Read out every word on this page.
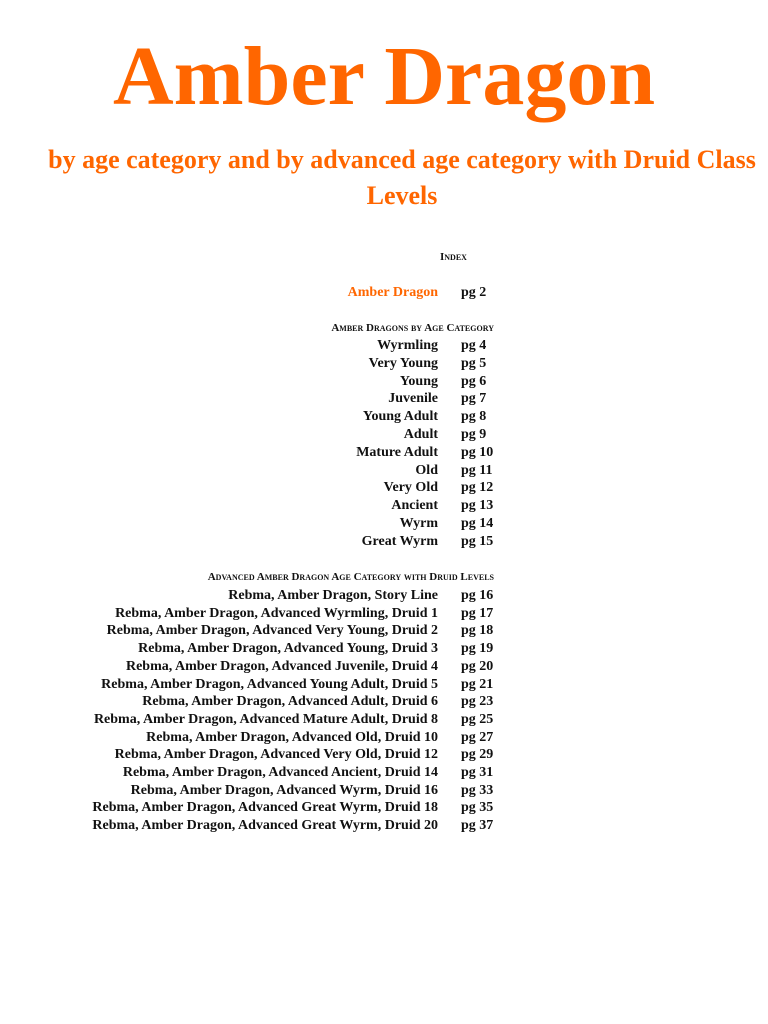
Amber Dragon
by age category and by advanced age category with Druid Class Levels
Index
Amber Dragon pg 2
Amber Dragons by Age Category
Wyrmling pg 4
Very Young pg 5
Young pg 6
Juvenile pg 7
Young Adult pg 8
Adult pg 9
Mature Adult pg 10
Old pg 11
Very Old pg 12
Ancient pg 13
Wyrm pg 14
Great Wyrm pg 15
Advanced Amber Dragon Age Category with Druid Levels
Rebma, Amber Dragon, Story Line pg 16
Rebma, Amber Dragon, Advanced Wyrmling, Druid 1 pg 17
Rebma, Amber Dragon, Advanced Very Young, Druid 2 pg 18
Rebma, Amber Dragon, Advanced Young, Druid 3 pg 19
Rebma, Amber Dragon, Advanced Juvenile, Druid 4 pg 20
Rebma, Amber Dragon, Advanced Young Adult, Druid 5 pg 21
Rebma, Amber Dragon, Advanced Adult, Druid 6 pg 23
Rebma, Amber Dragon, Advanced Mature Adult, Druid 8 pg 25
Rebma, Amber Dragon, Advanced Old, Druid 10 pg 27
Rebma, Amber Dragon, Advanced Very Old, Druid 12 pg 29
Rebma, Amber Dragon, Advanced Ancient, Druid 14 pg 31
Rebma, Amber Dragon, Advanced Wyrm, Druid 16 pg 33
Rebma, Amber Dragon, Advanced Great Wyrm, Druid 18 pg 35
Rebma, Amber Dragon, Advanced Great Wyrm, Druid 20 pg 37
